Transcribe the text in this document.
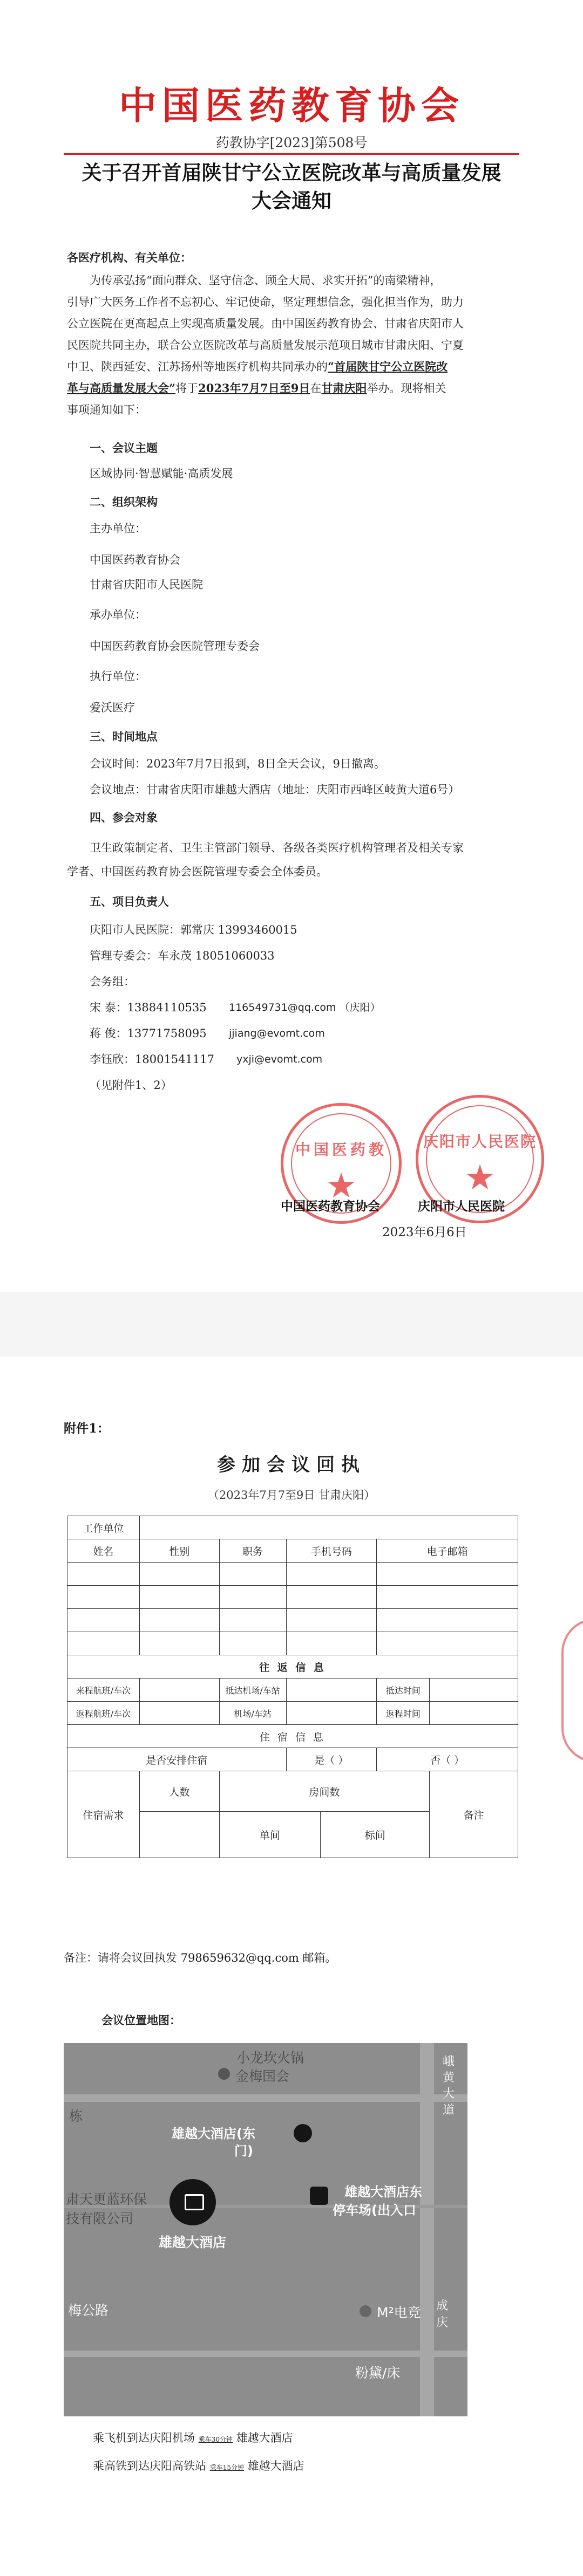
中国医药教育协会
药教协字[2023]第508号
关于召开首届陕甘宁公立医院改革与高质量发展
大会通知
各医疗机构、有关单位：
为传承弘扬“面向群众、坚守信念、顾全大局、求实开拓”的南梁精神，
引导广大医务工作者不忘初心、牢记使命，坚定理想信念，强化担当作为，助力
公立医院在更高起点上实现高质量发展。由中国医药教育协会、甘肃省庆阳市人
民医院共同主办，联合公立医院改革与高质量发展示范项目城市甘肃庆阳、宁夏
中卫、陕西延安、江苏扬州等地医疗机构共同承办的“首届陕甘宁公立医院改
革与高质量发展大会”将于2023年7月7日至9日在甘肃庆阳举办。现将相关
事项通知如下：
一、会议主题
区域协同·智慧赋能·高质发展
二、组织架构
主办单位：
中国医药教育协会
甘肃省庆阳市人民医院
承办单位：
中国医药教育协会医院管理专委会
执行单位：
爱沃医疗
三、时间地点
会议时间：2023年7月7日报到，8日全天会议，9日撤离。
会议地点：甘肃省庆阳市雄越大酒店（地址：庆阳市西峰区岐黄大道6号）
四、参会对象
卫生政策制定者、卫生主管部门领导、各级各类医疗机构管理者及相关专家
学者、中国医药教育协会医院管理专委会全体委员。
五、项目负责人
庆阳市人民医院：郭常庆 13993460015
管理专委会：车永茂 18051060033
会务组：
宋 泰：13884110535 116549731@qq.com （庆阳）
蒋 俊：13771758095 jjiang@evomt.com
李钰欣：18001541117 yxji@evomt.com
（见附件1、2）
中国医药教
★
庆阳市人民医院
★
中国医药教育协会	庆阳市人民医院
2023年6月6日
附件1：
参加会议回执
（2023年7月7至9日 甘肃庆阳）
工作单位						
姓名	性别	职务	手机号码		电子邮箱	

往 返 信 息						
来程航班/车次		抵达机场/车站			抵达时间	
返程航班/车次		机场/车站			返程时间	
住 宿 信 息						
是否安排住宿			是（ ）		否（ ）	
住宿需求	人数	房间数				备注
		单间		标间		
备注：请将会议回执发 798659632@qq.com 邮箱。
会议位置地图：
小龙坎火锅
金梅国会
栋
峨黄大道
雄越大酒店(东
门)
肃天更蓝环保
技有限公司
雄越大酒店
雄越大酒店东
停车场(出入口
梅公路	M²电竞
粉黛/床
成庆
乘飞机到达庆阳机场 乘车30分钟 雄越大酒店
乘高铁到达庆阳高铁站 乘车15分钟 雄越大酒店
